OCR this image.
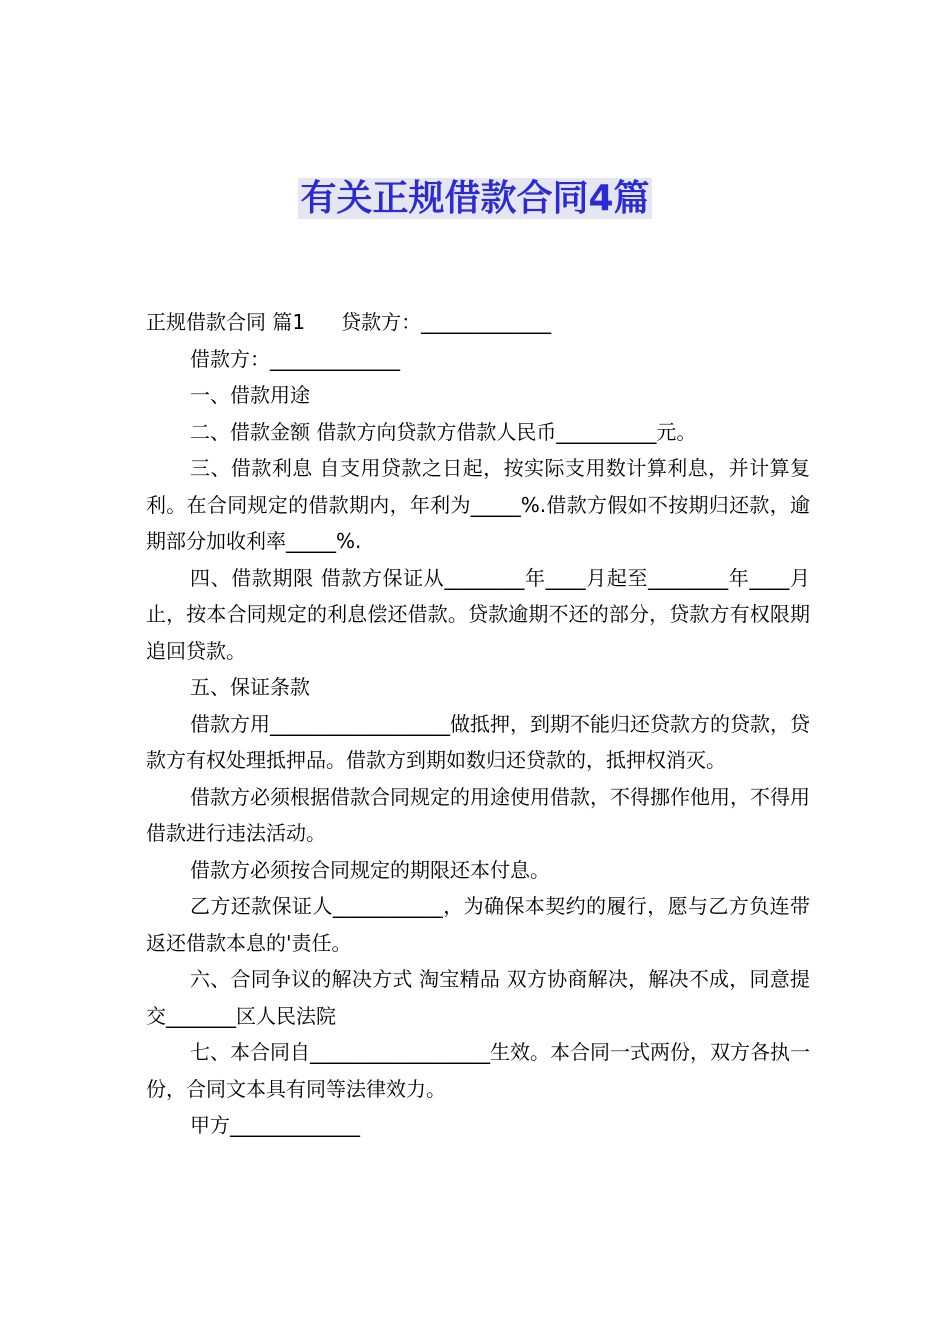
有关正规借款合同4篇

正规借款合同 篇1 贷款方：_____________

借款方：_____________

一、借款用途

二、借款金额 借款方向贷款方借款人民币__________元。

三、借款利息 自支用贷款之日起，按实际支用数计算利息，并计算复利。在合同规定的借款期内，年利为_____%.借款方假如不按期归还款，逾期部分加收利率_____%.

四、借款期限 借款方保证从________年____月起至________年____月止，按本合同规定的利息偿还借款。贷款逾期不还的部分，贷款方有权限期追回贷款。

五、保证条款

借款方用__________________做抵押，到期不能归还贷款方的贷款，贷款方有权处理抵押品。借款方到期如数归还贷款的，抵押权消灭。

借款方必须根据借款合同规定的用途使用借款，不得挪作他用，不得用借款进行违法活动。

借款方必须按合同规定的期限还本付息。

乙方还款保证人___________，为确保本契约的履行，愿与乙方负连带返还借款本息的'责任。

六、合同争议的解决方式 淘宝精品 双方协商解决，解决不成，同意提交_______区人民法院

七、本合同自__________________生效。本合同一式两份，双方各执一份，合同文本具有同等法律效力。

甲方_____________
